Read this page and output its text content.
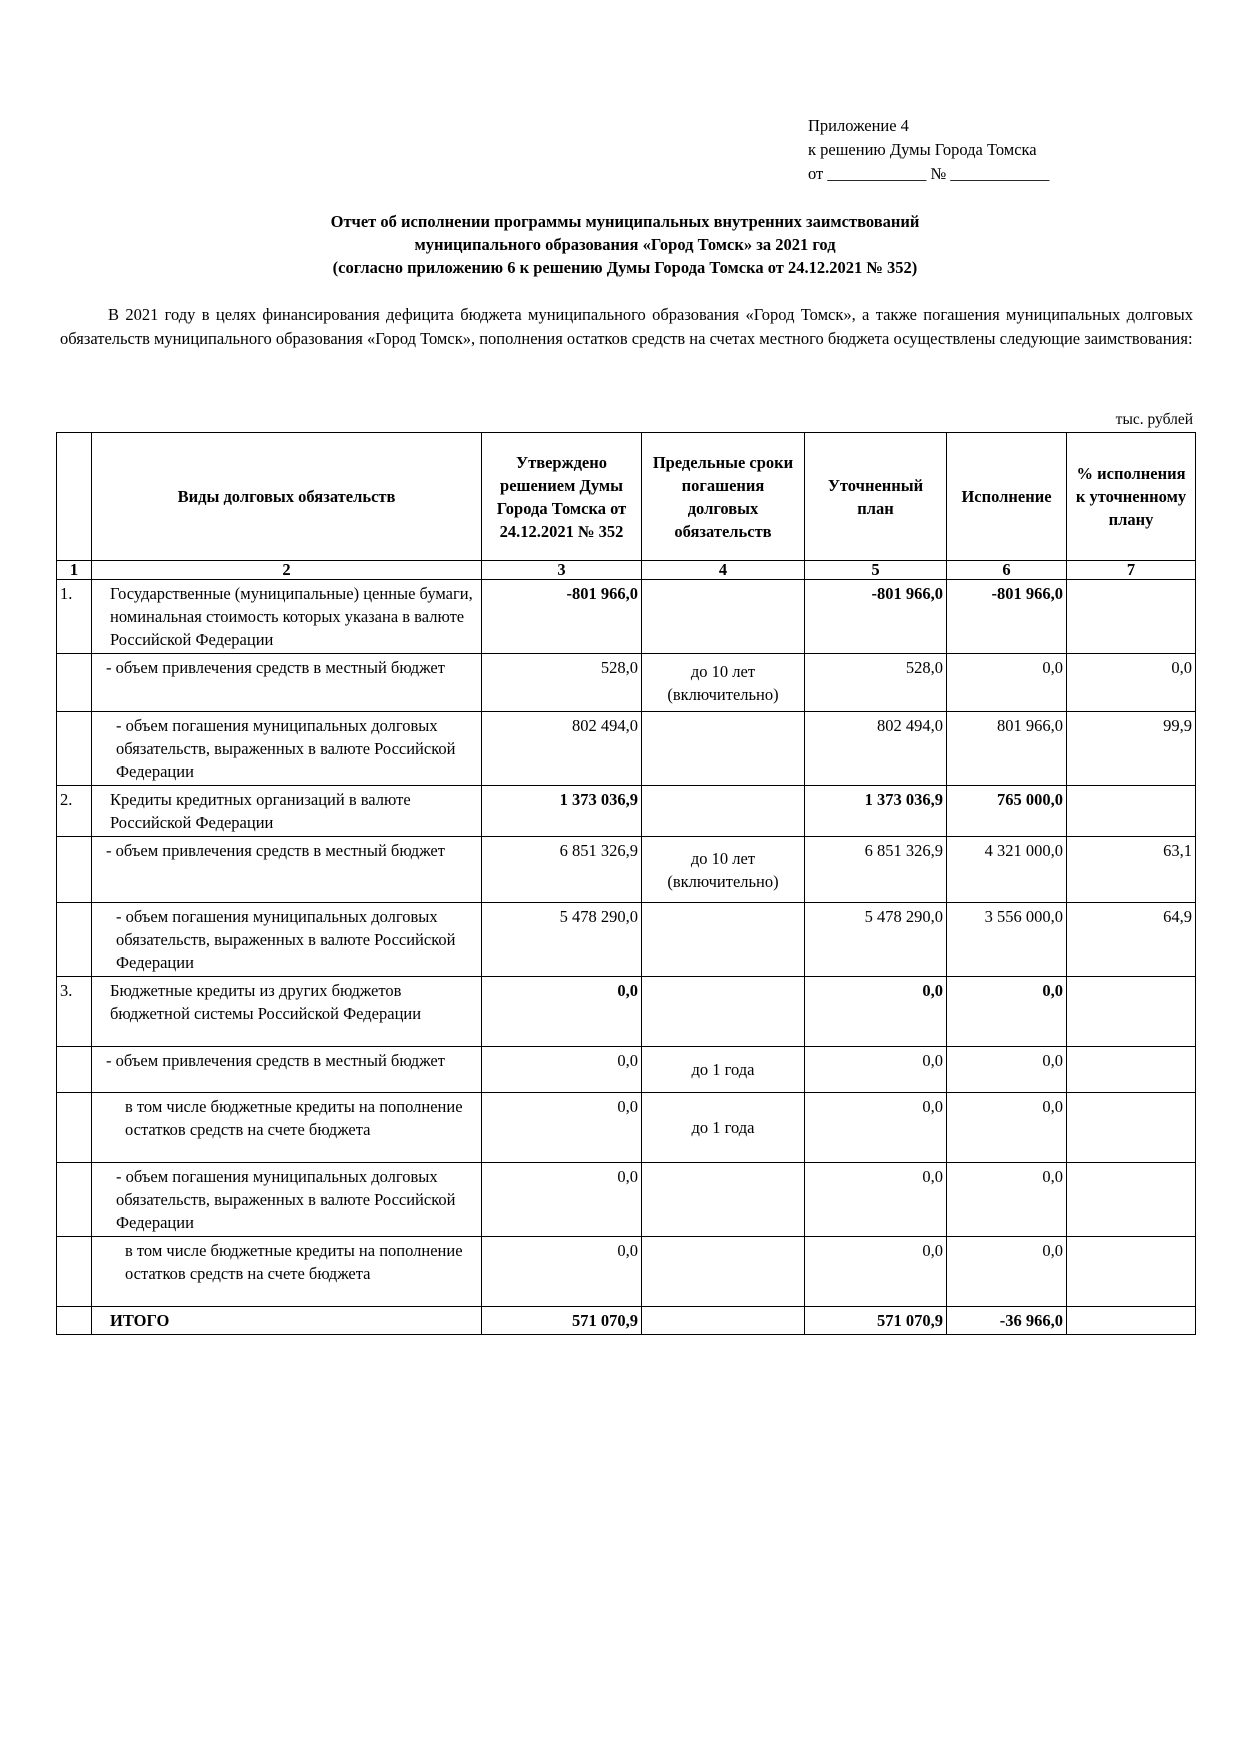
Приложение 4
к решению Думы Города Томска
от ____________ № ____________
Отчет об исполнении программы муниципальных внутренних заимствований
муниципального образования «Город Томск» за 2021 год
(согласно приложению 6 к решению Думы Города Томска от 24.12.2021 № 352)
В 2021 году в целях финансирования дефицита бюджета муниципального образования «Город Томск», а также погашения муниципальных долговых обязательств муниципального образования «Город Томск», пополнения остатков средств на счетах местного бюджета осуществлены следующие заимствования:
тыс. рублей
	Виды долговых обязательств	Утверждено решением Думы Города Томска от 24.12.2021 № 352	Предельные сроки погашения долговых обязательств	Уточненный план	Исполнение	% исполнения к уточненному плану
1	2	3	4	5	6	7
1.	Государственные (муниципальные) ценные бумаги, номинальная стоимость которых указана в валюте Российской Федерации	-801 966,0		-801 966,0	-801 966,0	
	- объем привлечения средств в местный бюджет	528,0	до 10 лет (включительно)	528,0	0,0	0,0
	- объем погашения муниципальных долговых обязательств, выраженных в валюте Российской Федерации	802 494,0		802 494,0	801 966,0	99,9
2.	Кредиты кредитных организаций в валюте Российской Федерации	1 373 036,9		1 373 036,9	765 000,0	
	- объем привлечения средств в местный бюджет	6 851 326,9	до 10 лет (включительно)	6 851 326,9	4 321 000,0	63,1
	- объем погашения муниципальных долговых обязательств, выраженных в валюте Российской Федерации	5 478 290,0		5 478 290,0	3 556 000,0	64,9
3.	Бюджетные кредиты из других бюджетов бюджетной системы Российской Федерации	0,0		0,0	0,0	
	- объем привлечения средств в местный бюджет	0,0	до 1 года	0,0	0,0	
	в том числе бюджетные кредиты на пополнение остатков средств на счете бюджета	0,0	до 1 года	0,0	0,0	
	- объем погашения муниципальных долговых обязательств, выраженных в валюте Российской Федерации	0,0		0,0	0,0	
	в том числе бюджетные кредиты на пополнение остатков средств на счете бюджета	0,0		0,0	0,0	
	ИТОГО	571 070,9		571 070,9	-36 966,0	
